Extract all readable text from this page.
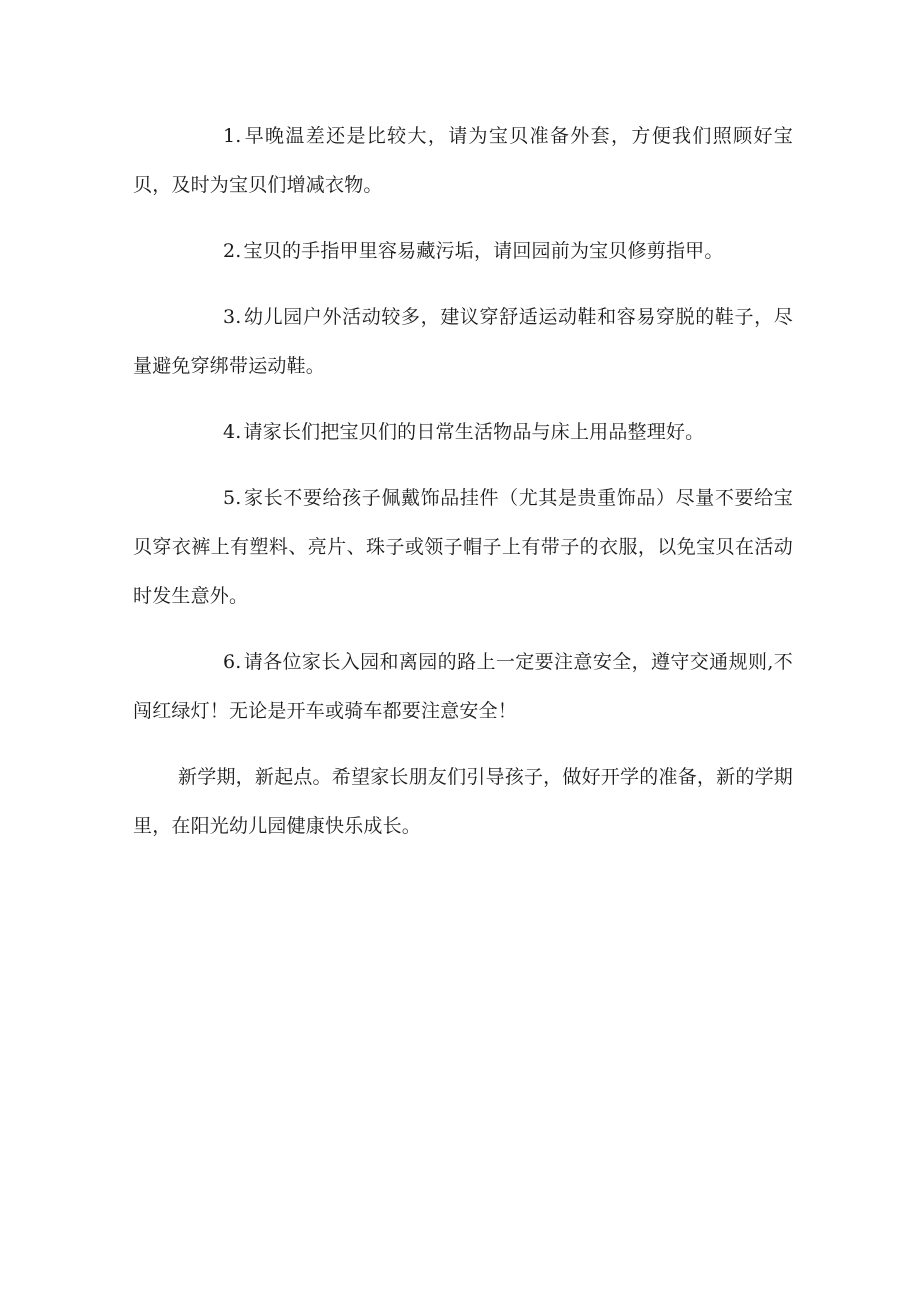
1. 早晚温差还是比较大，请为宝贝准备外套，方便我们照顾好宝贝，及时为宝贝们增减衣物。

2. 宝贝的手指甲里容易藏污垢，请回园前为宝贝修剪指甲。

3. 幼儿园户外活动较多，建议穿舒适运动鞋和容易穿脱的鞋子，尽量避免穿绑带运动鞋。

4. 请家长们把宝贝们的日常生活物品与床上用品整理好。

5. 家长不要给孩子佩戴饰品挂件（尤其是贵重饰品）尽量不要给宝贝穿衣裤上有塑料、亮片、珠子或领子帽子上有带子的衣服，以免宝贝在活动时发生意外。

6. 请各位家长入园和离园的路上一定要注意安全，遵守交通规则,不闯红绿灯！无论是开车或骑车都要注意安全！

新学期，新起点。希望家长朋友们引导孩子，做好开学的准备，新的学期里，在阳光幼儿园健康快乐成长。
